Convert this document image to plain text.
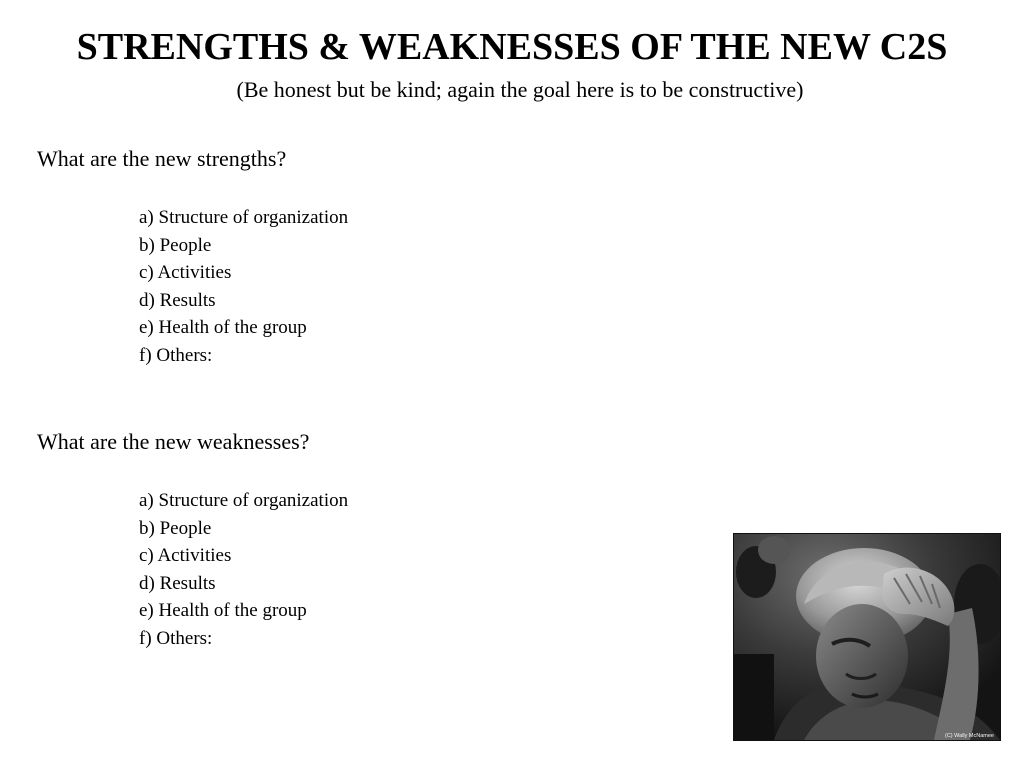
STRENGTHS & WEAKNESSES OF THE NEW C2S
(Be honest but be kind; again the goal here is to be constructive)
What are the new strengths?
a) Structure of organization
b) People
c) Activities
d) Results
e) Health of the group
f) Others:
What are the new weaknesses?
a) Structure of organization
b) People
c) Activities
d) Results
e) Health of the group
f) Others:
(C) Wally McNamee
